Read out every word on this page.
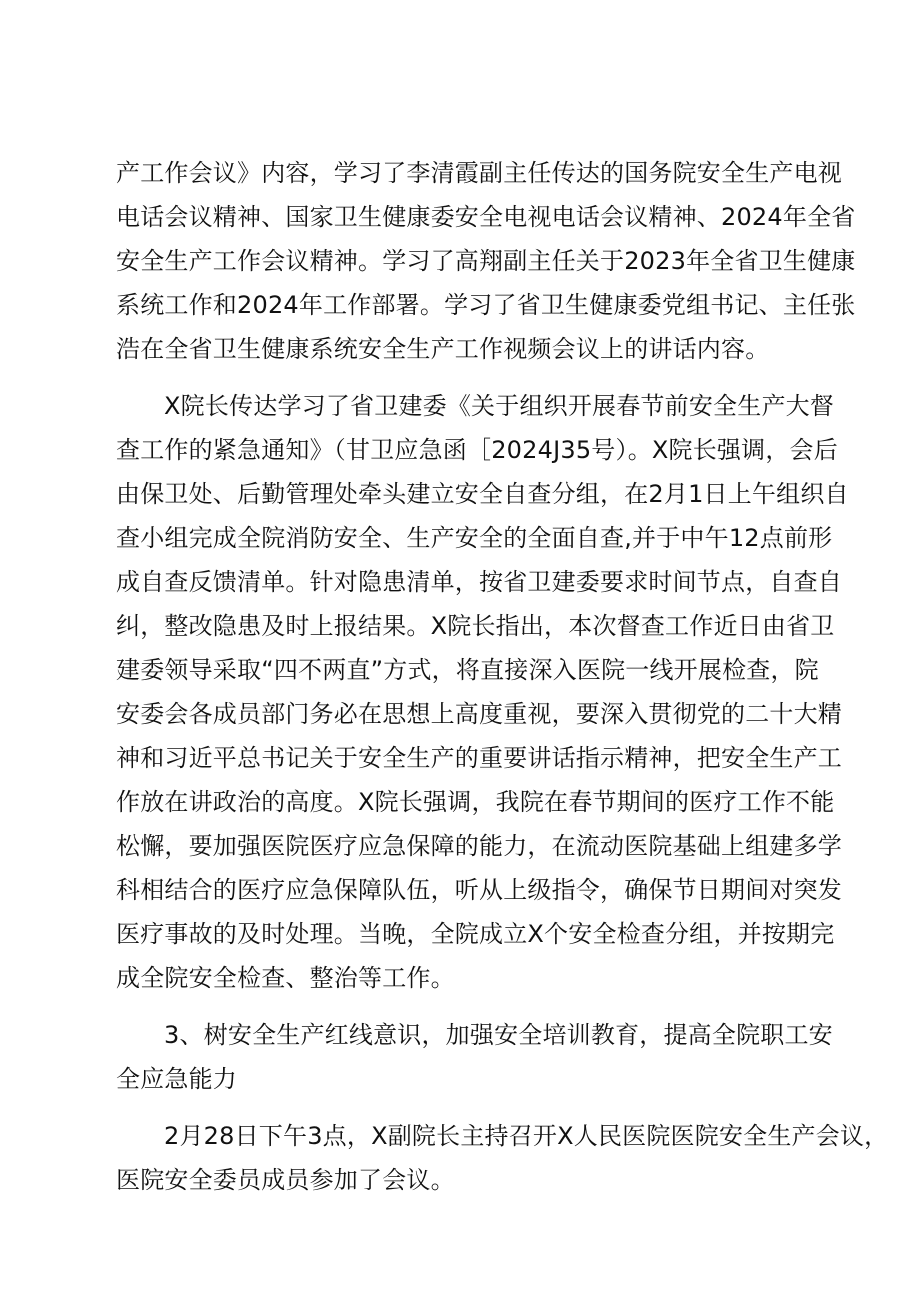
产工作会议》内容，学习了李清霞副主任传达的国务院安全生产电视
电话会议精神、国家卫生健康委安全电视电话会议精神、2024年全省
安全生产工作会议精神。学习了高翔副主任关于2023年全省卫生健康
系统工作和2024年工作部署。学习了省卫生健康委党组书记、主任张
浩在全省卫生健康系统安全生产工作视频会议上的讲话内容。
X院长传达学习了省卫建委《关于组织开展春节前安全生产大督
查工作的紧急通知》（甘卫应急函［2024J35号）。X院长强调，会后
由保卫处、后勤管理处牵头建立安全自查分组，在2月1日上午组织自
查小组完成全院消防安全、生产安全的全面自查,并于中午12点前形
成自查反馈清单。针对隐患清单，按省卫建委要求时间节点，自查自
纠，整改隐患及时上报结果。X院长指出，本次督查工作近日由省卫
建委领导采取“四不两直”方式，将直接深入医院一线开展检查，院
安委会各成员部门务必在思想上高度重视，要深入贯彻党的二十大精
神和习近平总书记关于安全生产的重要讲话指示精神，把安全生产工
作放在讲政治的高度。X院长强调，我院在春节期间的医疗工作不能
松懈，要加强医院医疗应急保障的能力，在流动医院基础上组建多学
科相结合的医疗应急保障队伍，听从上级指令，确保节日期间对突发
医疗事故的及时处理。当晚，全院成立X个安全检查分组，并按期完
成全院安全检查、整治等工作。
3、树安全生产红线意识，加强安全培训教育，提高全院职工安
全应急能力
2月28日下午3点，X副院长主持召开X人民医院医院安全生产会议，
医院安全委员成员参加了会议。
